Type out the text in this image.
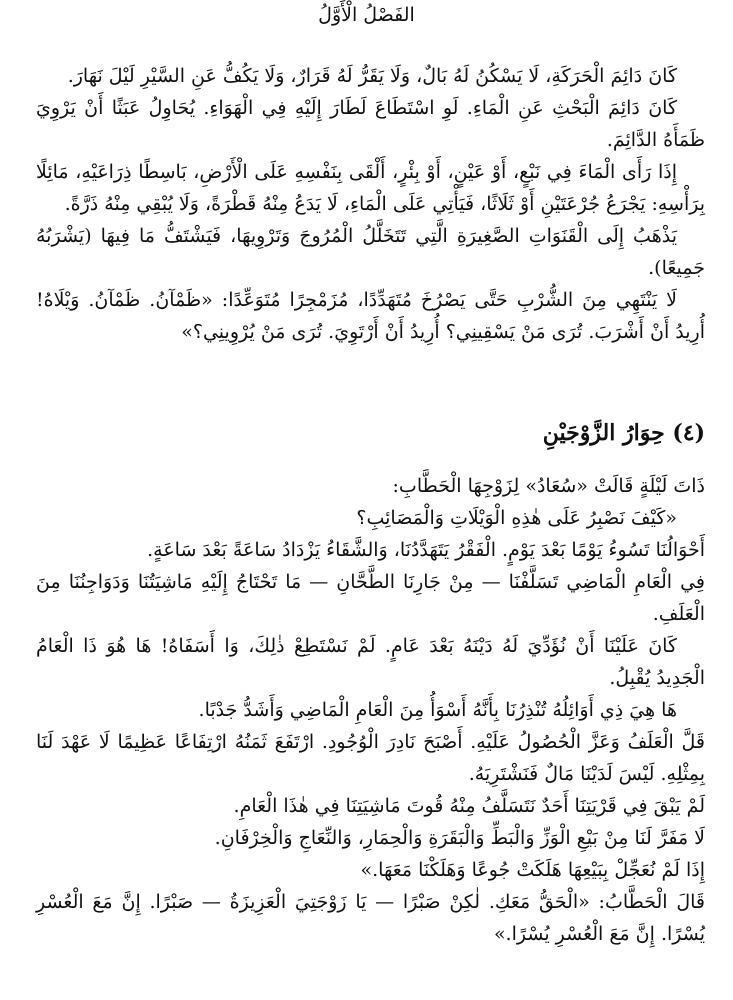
الفَصْلُ الْأَوَّلُ

كَانَ دَائِمَ الْحَرَكَةِ، لَا يَسْكُنُ لَهُ بَالٌ، وَلَا يَقَرُّ لَهُ قَرَارٌ، وَلَا يَكُفُّ عَنِ السَّيْرِ لَيْلَ نَهَارَ.

كَانَ دَائِمَ الْبَحْثِ عَنِ الْمَاءِ. لَوِ اسْتَطَاعَ لَطَارَ إِلَيْهِ فِي الْهَوَاءِ. يُحَاوِلُ عَبَثًا أَنْ يَرْوِيَ ظَمَأَهُ الدَّائِمَ.

إِذَا رَأَى الْمَاءَ فِي نَبْعٍ، أَوْ عَيْنٍ، أَوْ بِئْرٍ، أَلْقَى بِنَفْسِهِ عَلَى الْأَرْضِ، بَاسِطًا ذِرَاعَيْهِ، مَائِلًا بِرَأْسِهِ: يَجْرَعُ جُرْعَتَيْنِ أَوْ ثَلَاثًا، فَيَأْتِي عَلَى الْمَاءِ، لَا يَدَعُ مِنْهُ قَطْرَةً، وَلَا يُبْقِي مِنْهُ ذَرَّةً.

يَذْهَبُ إِلَى الْقَنَوَاتِ الصَّغِيرَةِ الَّتِي تَتَخَلَّلُ الْمُرُوجَ وَتَرْوِيهَا، فَيَشْتَفُّ مَا فِيهَا (يَشْرَبُهُ جَمِيعًا).

لَا يَنْتَهِي مِنَ الشُّرْبِ حَتَّى يَصْرُخَ مُتَهَدِّدًا، مُزَمْجِرًا مُتَوَعِّدًا: «ظَمْآنُ. ظَمْآنُ. وَيْلَاهُ! أُرِيدُ أَنْ أَشْرَبَ. تُرَى مَنْ يَسْقِينِي؟ أُرِيدُ أَنْ أَرْتَوِيَ. تُرَى مَنْ يُرْوِينِي؟»

(٤) حِوَارُ الزَّوْجَيْنِ

ذَاتَ لَيْلَةٍ قَالَتْ «سُعَادُ» لِزَوْجِهَا الْحَطَّابِ:

«كَيْفَ نَصْبِرُ عَلَى هٰذِهِ الْوَيْلَاتِ وَالْمَصَائِبِ؟

أَحْوَالُنَا تَسُوءُ يَوْمًا بَعْدَ يَوْمٍ. الْفَقْرُ يَتَهَدَّدُنَا، وَالشَّقَاءُ يَزْدَادُ سَاعَةً بَعْدَ سَاعَةٍ.

فِي الْعَامِ الْمَاضِي تَسَلَّفْنَا — مِنْ جَارِنَا الطَّحَّانِ — مَا تَحْتَاجُ إِلَيْهِ مَاشِيَتُنَا وَدَوَاجِنُنَا مِنَ الْعَلَفِ.

كَانَ عَلَيْنَا أَنْ نُؤَدِّيَ لَهُ دَيْنَهُ بَعْدَ عَامٍ. لَمْ نَسْتَطِعْ ذٰلِكَ، وَا أَسَفَاهُ! هَا هُوَ ذَا الْعَامُ الْجَدِيدُ يُقْبِلُ.

هَا هِيَ ذِي أَوَائِلُهُ تُنْذِرُنَا بِأَنَّهُ أَسْوَأُ مِنَ الْعَامِ الْمَاضِي وَأَشَدُّ جَدْبًا.

قَلَّ الْعَلَفُ وَعَزَّ الْحُصُولُ عَلَيْهِ. أَصْبَحَ نَادِرَ الْوُجُودِ. ارْتَفَعَ ثَمَنُهُ ارْتِفَاعًا عَظِيمًا لَا عَهْدَ لَنَا بِمِثْلِهِ. لَيْسَ لَدَيْنَا مَالٌ فَنَشْتَرِيَهُ.

لَمْ يَبْقَ فِي قَرْيَتِنَا أَحَدٌ نَتَسَلَّفُ مِنْهُ قُوتَ مَاشِيَتِنَا فِي هٰذَا الْعَامِ.

لَا مَفَرَّ لَنَا مِنْ بَيْعِ الْوَزِّ وَالْبَطِّ وَالْبَقَرَةِ وَالْحِمَارِ، وَالنِّعَاجِ وَالْخِرْفَانِ.

إِذَا لَمْ نُعَجِّلْ بِبَيْعِهَا هَلَكَتْ جُوعًا وَهَلَكْنَا مَعَهَا.»

قَالَ الْحَطَّابُ: «الْحَقُّ مَعَكِ. لٰكِنْ صَبْرًا — يَا زَوْجَتِيَ الْعَزِيزَةُ — صَبْرًا. إِنَّ مَعَ الْعُسْرِ يُسْرًا. إِنَّ مَعَ الْعُسْرِ يُسْرًا.»
